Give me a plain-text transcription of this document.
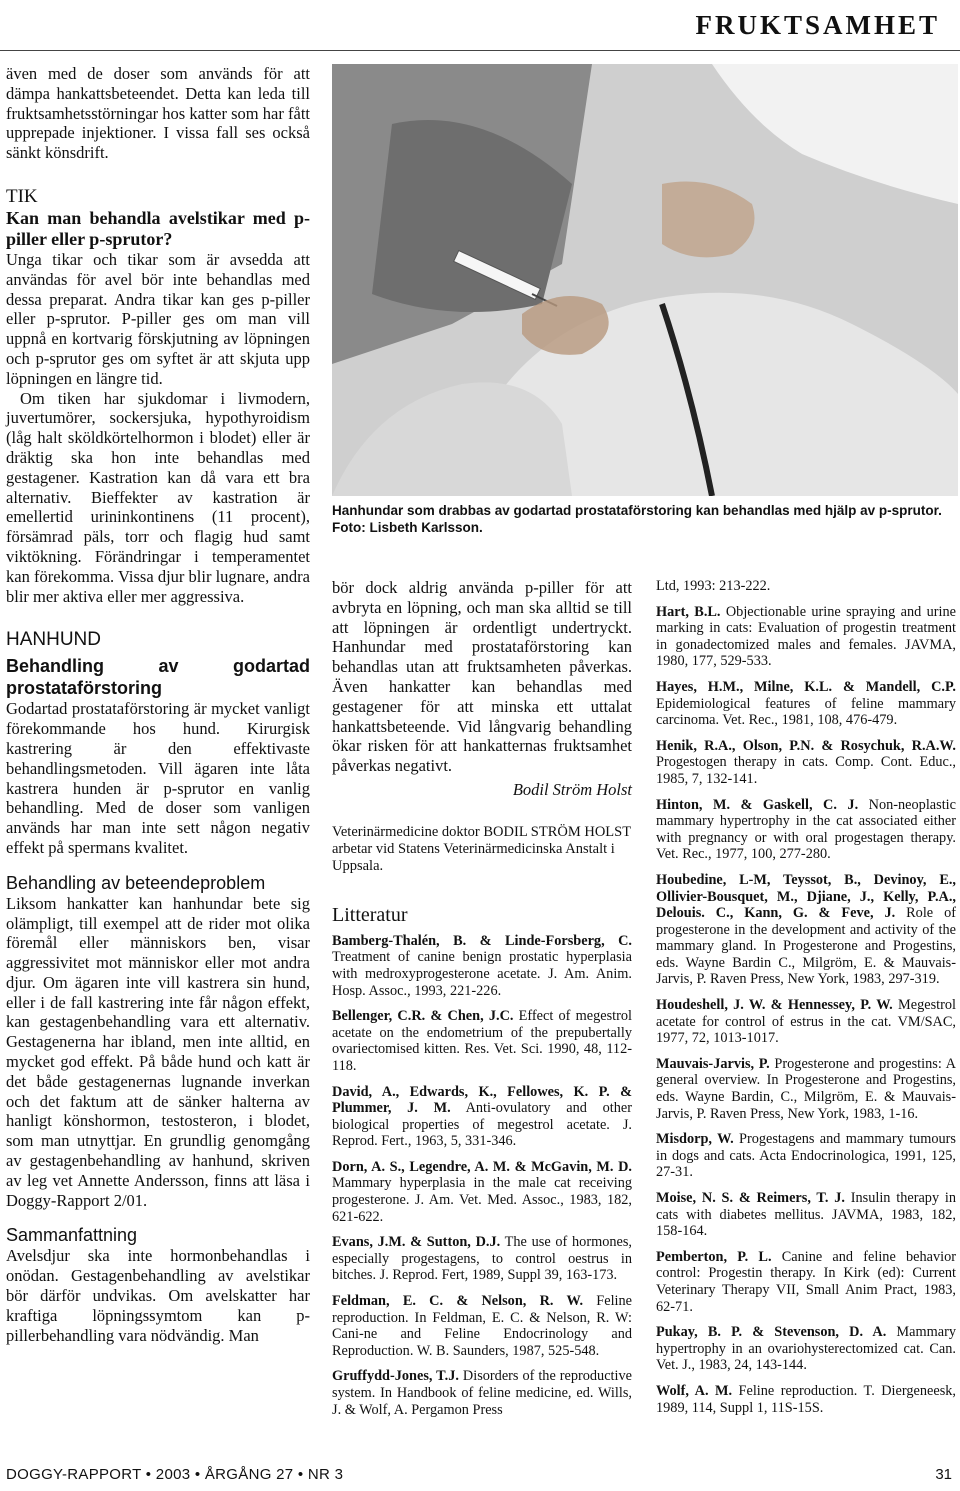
FRUKTSAMHET

även med de doser som används för att dämpa hankattsbeteendet. Detta kan leda till fruktsamhetsstörningar hos katter som har fått upprepade injektioner. I vissa fall ses också sänkt könsdrift.

TIK
Kan man behandla avelstikar med p-piller eller p-sprutor?

Unga tikar och tikar som är avsedda att användas för avel bör inte behandlas med dessa preparat. Andra tikar kan ges p-piller eller p-sprutor. P-piller ges om man vill uppnå en kortvarig förskjutning av löpningen och p-sprutor ges om syftet är att skjuta upp löpningen en längre tid.

Om tiken har sjukdomar i livmodern, juvertumörer, sockersjuka, hypothyroidism (låg halt sköldkörtelhormon i blodet) eller är dräktig ska hon inte behandlas med gestagener. Kastration kan då vara ett bra alternativ. Bieffekter av kastration är emellertid urininkontinens (11 procent), försämrad päls, torr och flagig hud samt viktökning. Förändringar i temperamentet kan förekomma. Vissa djur blir lugnare, andra blir mer aktiva eller mer aggressiva.

HANHUND
Behandling av godartad prostataförstoring

Godartad prostataförstoring är mycket vanligt förekommande hos hund. Kirurgisk kastrering är den effektivaste behandlingsmetoden. Vill ägaren inte låta kastrera hunden är p-sprutor en vanlig behandling. Med de doser som vanligen används har man inte sett någon negativ effekt på spermans kvalitet.

Behandling av beteendeproblem

Liksom hankatter kan hanhundar bete sig olämpligt, till exempel att de rider mot olika föremål eller människors ben, visar aggressivitet mot människor eller mot andra djur. Om ägaren inte vill kastrera sin hund, eller i de fall kastrering inte får någon effekt, kan gestagenbehandling vara ett alternativ. Gestagenerna har ibland, men inte alltid, en mycket god effekt. På både hund och katt är det både gestagenernas lugnande inverkan och det faktum att de sänker halterna av hanligt könshormon, testosteron, i blodet, som man utnyttjar. En grundlig genomgång av gestagenbehandling av hanhund, skriven av leg vet Annette Andersson, finns att läsa i Doggy-Rapport 2/01.

Sammanfattning

Avelsdjur ska inte hormonbehandlas i onödan. Gestagenbehandling av avelstikar bör därför undvikas. Om avelskatter har kraftiga löpningssymtom kan p-pillerbehandling vara nödvändig. Man

Hanhundar som drabbas av godartad prostataförstoring kan behandlas med hjälp av p-sprutor. Foto: Lisbeth Karlsson.

bör dock aldrig använda p-piller för att avbryta en löpning, och man ska alltid se till att löpningen är ordentligt undertryckt. Hanhundar med prostataförstoring kan behandlas utan att fruktsamheten påverkas. Även hankatter kan behandlas med gestagener för att minska ett uttalat hankattsbeteende. Vid långvarig behandling ökar risken för att hankatternas fruktsamhet påverkas negativt.

Bodil Ström Holst
Veterinärmedicine doktor BODIL STRÖM HOLST arbetar vid Statens Veterinärmedicinska Anstalt i Uppsala.
Litteratur
Bamberg-Thalén, B. & Linde-Forsberg, C. Treatment of canine benign prostatic hyperplasia with medroxyprogesterone acetate. J. Am. Anim. Hosp. Assoc., 1993, 221-226.
Bellenger, C.R. & Chen, J.C. Effect of megestrol acetate on the endometrium of the prepubertally ovariectomised kitten. Res. Vet. Sci. 1990, 48, 112-118.
David, A., Edwards, K., Fellowes, K. P. & Plummer, J. M. Anti-ovulatory and other biological properties of megestrol acetate. J. Reprod. Fert., 1963, 5, 331-346.
Dorn, A. S., Legendre, A. M. & McGavin, M. D. Mammary hyperplasia in the male cat receiving progesterone. J. Am. Vet. Med. Assoc., 1983, 182, 621-622.
Evans, J.M. & Sutton, D.J. The use of hormones, especially progestagens, to control oestrus in bitches. J. Reprod. Fert, 1989, Suppl 39, 163-173.
Feldman, E. C. & Nelson, R. W. Feline reproduction. In Feldman, E. C. & Nelson, R. W: Cani-ne and Feline Endocrinology and Reproduction. W. B. Saunders, 1987, 525-548.
Gruffydd-Jones, T.J. Disorders of the reproductive system. In Handbook of feline medicine, ed. Wills, J. & Wolf, A. Pergamon Press
Ltd, 1993: 213-222.
Hart, B.L. Objectionable urine spraying and urine marking in cats: Evaluation of progestin treatment in gonadectomized males and females. JAVMA, 1980, 177, 529-533.
Hayes, H.M., Milne, K.L. & Mandell, C.P. Epidemiological features of feline mammary carcinoma. Vet. Rec., 1981, 108, 476-479.
Henik, R.A., Olson, P.N. & Rosychuk, R.A.W. Progestogen therapy in cats. Comp. Cont. Educ., 1985, 7, 132-141.
Hinton, M. & Gaskell, C. J. Non-neoplastic mammary hypertrophy in the cat associated either with pregnancy or with oral progestagen therapy. Vet. Rec., 1977, 100, 277-280.
Houbedine, L-M, Teyssot, B., Devinoy, E., Ollivier-Bousquet, M., Djiane, J., Kelly, P.A., Delouis. C., Kann, G. & Feve, J. Role of progesterone in the development and activity of the mammary gland. In Progesterone and Progestins, eds. Wayne Bardin C., Milgröm, E. & Mauvais-Jarvis, P. Raven Press, New York, 1983, 297-319.
Houdeshell, J. W. & Hennessey, P. W. Megestrol acetate for control of estrus in the cat. VM/SAC, 1977, 72, 1013-1017.
Mauvais-Jarvis, P. Progesterone and progestins: A general overview. In Progesterone and Progestins, eds. Wayne Bardin, C., Milgröm, E. & Mauvais-Jarvis, P. Raven Press, New York, 1983, 1-16.
Misdorp, W. Progestagens and mammary tumours in dogs and cats. Acta Endocrinologica, 1991, 125, 27-31.
Moise, N. S. & Reimers, T. J. Insulin therapy in cats with diabetes mellitus. JAVMA, 1983, 182, 158-164.
Pemberton, P. L. Canine and feline behavior control: Progestin therapy. In Kirk (ed): Current Veterinary Therapy VII, Small Anim Pract, 1983, 62-71.
Pukay, B. P. & Stevenson, D. A. Mammary hypertrophy in an ovariohysterectomized cat. Can. Vet. J., 1983, 24, 143-144.
Wolf, A. M. Feline reproduction. T. Diergeneesk, 1989, 114, Suppl 1, 11S-15S.
DOGGY-RAPPORT • 2003 • ÅRGÅNG 27 • NR 3	31
